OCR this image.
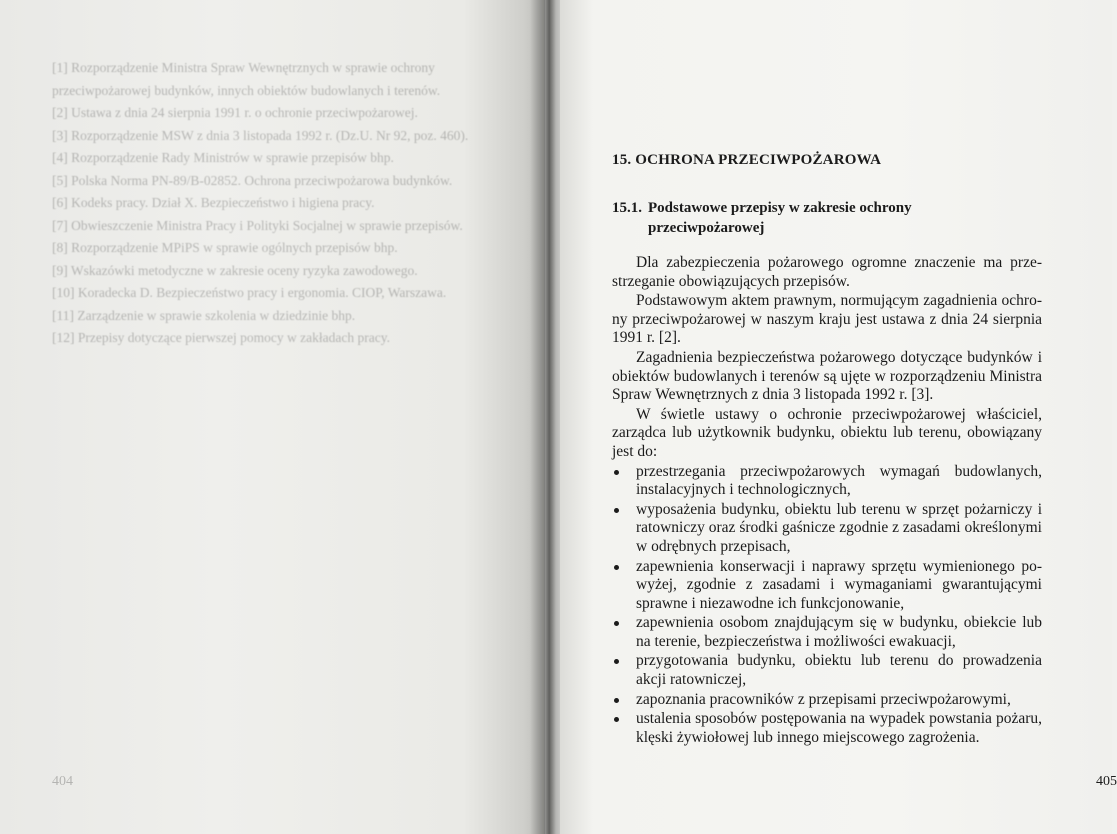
[1] Rozporządzenie Ministra Spraw Wewnętrznych w sprawie ochrony

przeciwpożarowej budynków, innych obiektów budowlanych i terenów.

[2] Ustawa z dnia 24 sierpnia 1991 r. o ochronie przeciwpożarowej.

[3] Rozporządzenie MSW z dnia 3 listopada 1992 r. (Dz.U. Nr 92, poz. 460).

[4] Rozporządzenie Rady Ministrów w sprawie przepisów bhp.

[5] Polska Norma PN-89/B-02852. Ochrona przeciwpożarowa budynków.

[6] Kodeks pracy. Dział X. Bezpieczeństwo i higiena pracy.

[7] Obwieszczenie Ministra Pracy i Polityki Socjalnej w sprawie przepisów.

[8] Rozporządzenie MPiPS w sprawie ogólnych przepisów bhp.

[9] Wskazówki metodyczne w zakresie oceny ryzyka zawodowego.

[10] Koradecka D. Bezpieczeństwo pracy i ergonomia. CIOP, Warszawa.

[11] Zarządzenie w sprawie szkolenia w dziedzinie bhp.

[12] Przepisy dotyczące pierwszej pomocy w zakładach pracy.

404
15. OCHRONA PRZECIWPOŻAROWA
15.1. Podstawowe przepisy w zakresie ochrony
przeciwpożarowej

Dla zabezpieczenia pożarowego ogromne znaczenie ma prze-strzeganie obowiązujących przepisów.

Podstawowym aktem prawnym, normującym zagadnienia ochro-ny przeciwpożarowej w naszym kraju jest ustawa z dnia 24 sierpnia 1991 r. [2].

Zagadnienia bezpieczeństwa pożarowego dotyczące budynków i obiektów budowlanych i terenów są ujęte w rozporządzeniu Ministra Spraw Wewnętrznych z dnia 3 listopada 1992 r. [3].

W świetle ustawy o ochronie przeciwpożarowej właściciel, zarządca lub użytkownik budynku, obiektu lub terenu, obowiązany jest do:

przestrzegania przeciwpożarowych wymagań budowlanych, instalacyjnych i technologicznych,
wyposażenia budynku, obiektu lub terenu w sprzęt pożarniczy i ratowniczy oraz środki gaśnicze zgodnie z zasadami określonymi w odrębnych przepisach,
zapewnienia konserwacji i naprawy sprzętu wymienionego po-wyżej, zgodnie z zasadami i wymaganiami gwarantującymi sprawne i niezawodne ich funkcjonowanie,
zapewnienia osobom znajdującym się w budynku, obiekcie lub na terenie, bezpieczeństwa i możliwości ewakuacji,
przygotowania budynku, obiektu lub terenu do prowadzenia akcji ratowniczej,
zapoznania pracowników z przepisami przeciwpożarowymi,
ustalenia sposobów postępowania na wypadek powstania pożaru, klęski żywiołowej lub innego miejscowego zagrożenia.
405
